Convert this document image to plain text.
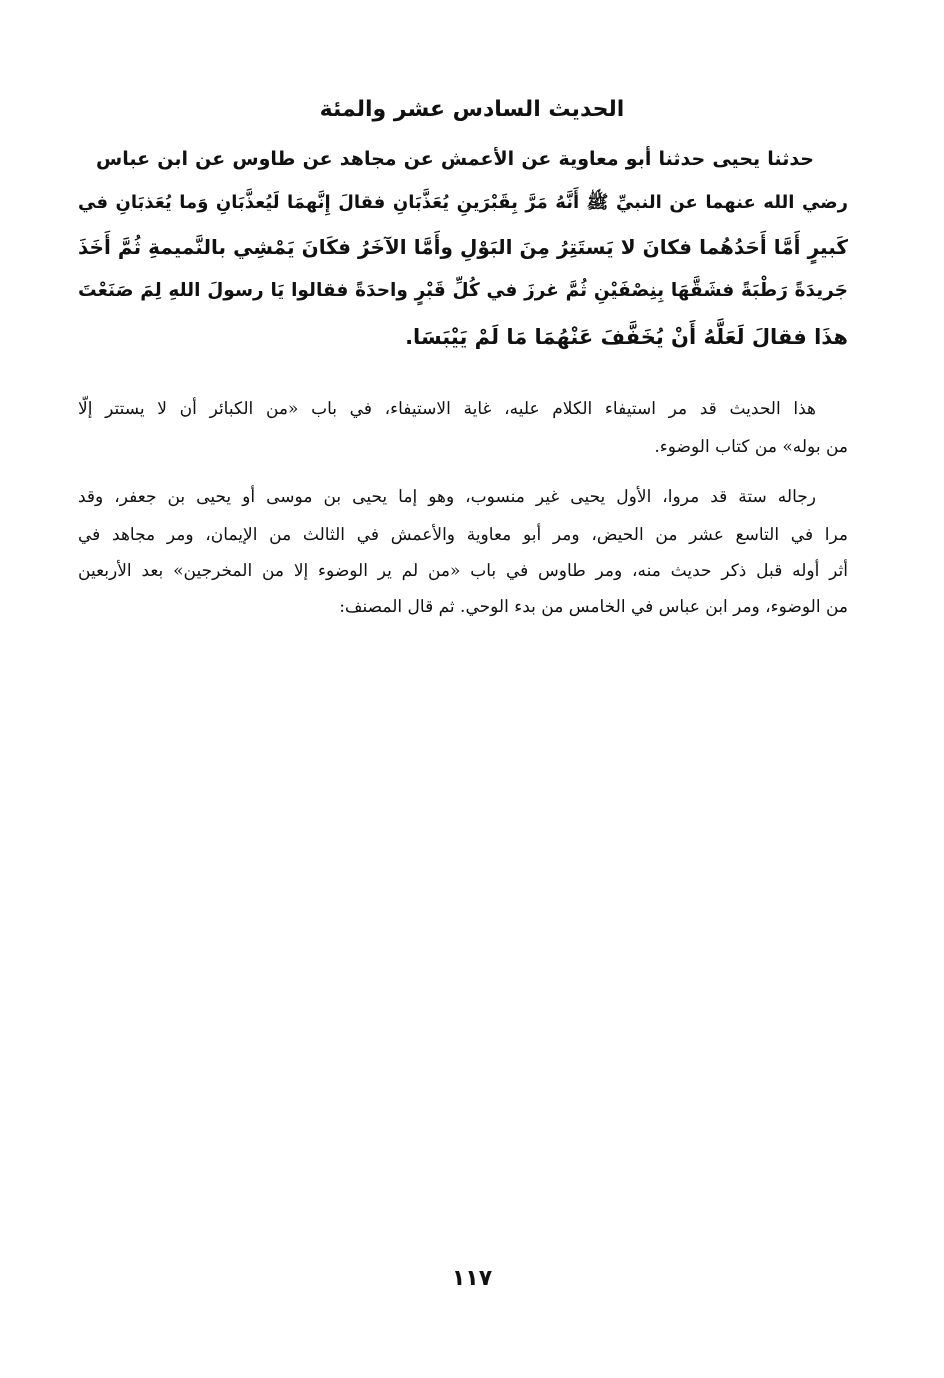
الحديث السادس عشر والمئة
حدثنا يحيى حدثنا أبو معاوية عن الأعمش عن مجاهد عن طاوس عن ابن عباس
رضي الله عنهما عن النبيِّ ﷺ أَنَّهُ مَرَّ بِقَبْرَينِ يُعَذَّبَانِ فقالَ إِنَّهمَا لَيُعذَّبَانِ وَما يُعَذبَانِ في
كَبيرٍ أَمَّا أَحَدُهُما فكانَ لا يَستَتِرُ مِنَ البَوْلِ وأَمَّا الآخَرُ فكَانَ يَمْشِي بالنَّميمةِ ثُمَّ أَخَذَ
جَريدَةً رَطْبَةً فشَقَّهَا بِنِصْفَيْنِ ثُمَّ غرزَ في كُلِّ قَبْرٍ واحدَةً فقالوا يَا رسولَ اللهِ لِمَ صَنَعْتَ
هذَا فقالَ لَعَلَّهُ أَنْ يُخَفَّفَ عَنْهُمَا مَا لَمْ يَيْبَسَا.
هذا الحديث قد مر استيفاء الكلام عليه، غاية الاستيفاء، في باب «من الكبائر أن لا يستتر إلّا
من بوله» من كتاب الوضوء.
رجاله ستة قد مروا، الأول يحيى غير منسوب، وهو إما يحيى بن موسى أو يحيى بن جعفر، وقد
مرا في التاسع عشر من الحيض، ومر أبو معاوية والأعمش في الثالث من الإيمان، ومر مجاهد في
أثر أوله قبل ذكر حديث منه، ومر طاوس في باب «من لم ير الوضوء إلا من المخرجين» بعد الأربعين
من الوضوء، ومر ابن عباس في الخامس من بدء الوحي. ثم قال المصنف:
١١٧
